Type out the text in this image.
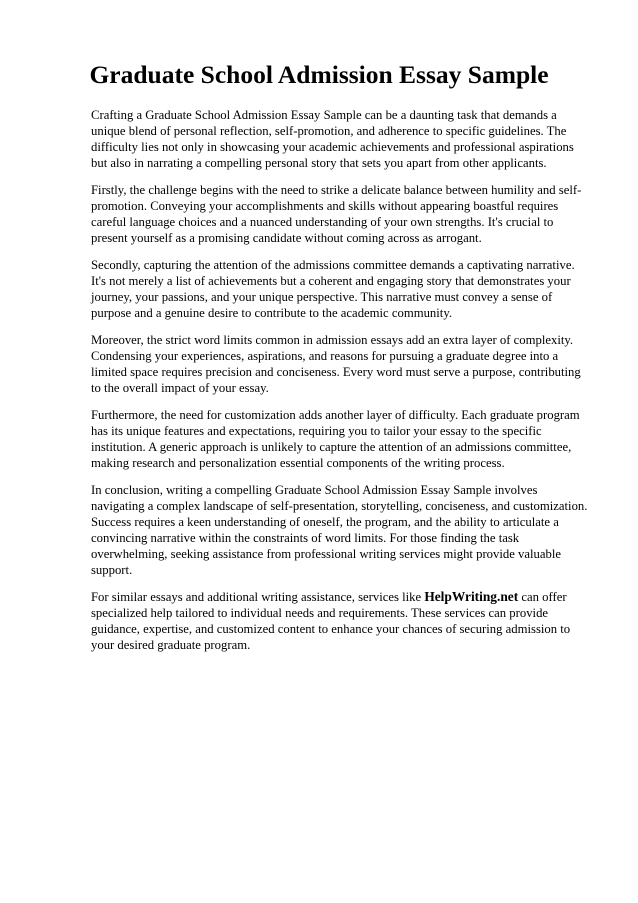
Graduate School Admission Essay Sample

Crafting a Graduate School Admission Essay Sample can be a daunting task that demands a
unique blend of personal reflection, self-promotion, and adherence to specific guidelines. The
difficulty lies not only in showcasing your academic achievements and professional aspirations
but also in narrating a compelling personal story that sets you apart from other applicants.

Firstly, the challenge begins with the need to strike a delicate balance between humility and self-
promotion. Conveying your accomplishments and skills without appearing boastful requires
careful language choices and a nuanced understanding of your own strengths. It's crucial to
present yourself as a promising candidate without coming across as arrogant.

Secondly, capturing the attention of the admissions committee demands a captivating narrative.
It's not merely a list of achievements but a coherent and engaging story that demonstrates your
journey, your passions, and your unique perspective. This narrative must convey a sense of
purpose and a genuine desire to contribute to the academic community.

Moreover, the strict word limits common in admission essays add an extra layer of complexity.
Condensing your experiences, aspirations, and reasons for pursuing a graduate degree into a
limited space requires precision and conciseness. Every word must serve a purpose, contributing
to the overall impact of your essay.

Furthermore, the need for customization adds another layer of difficulty. Each graduate program
has its unique features and expectations, requiring you to tailor your essay to the specific
institution. A generic approach is unlikely to capture the attention of an admissions committee,
making research and personalization essential components of the writing process.

In conclusion, writing a compelling Graduate School Admission Essay Sample involves
navigating a complex landscape of self-presentation, storytelling, conciseness, and customization.
Success requires a keen understanding of oneself, the program, and the ability to articulate a
convincing narrative within the constraints of word limits. For those finding the task
overwhelming, seeking assistance from professional writing services might provide valuable
support.

For similar essays and additional writing assistance, services like HelpWriting.net can offer
specialized help tailored to individual needs and requirements. These services can provide
guidance, expertise, and customized content to enhance your chances of securing admission to
your desired graduate program.
